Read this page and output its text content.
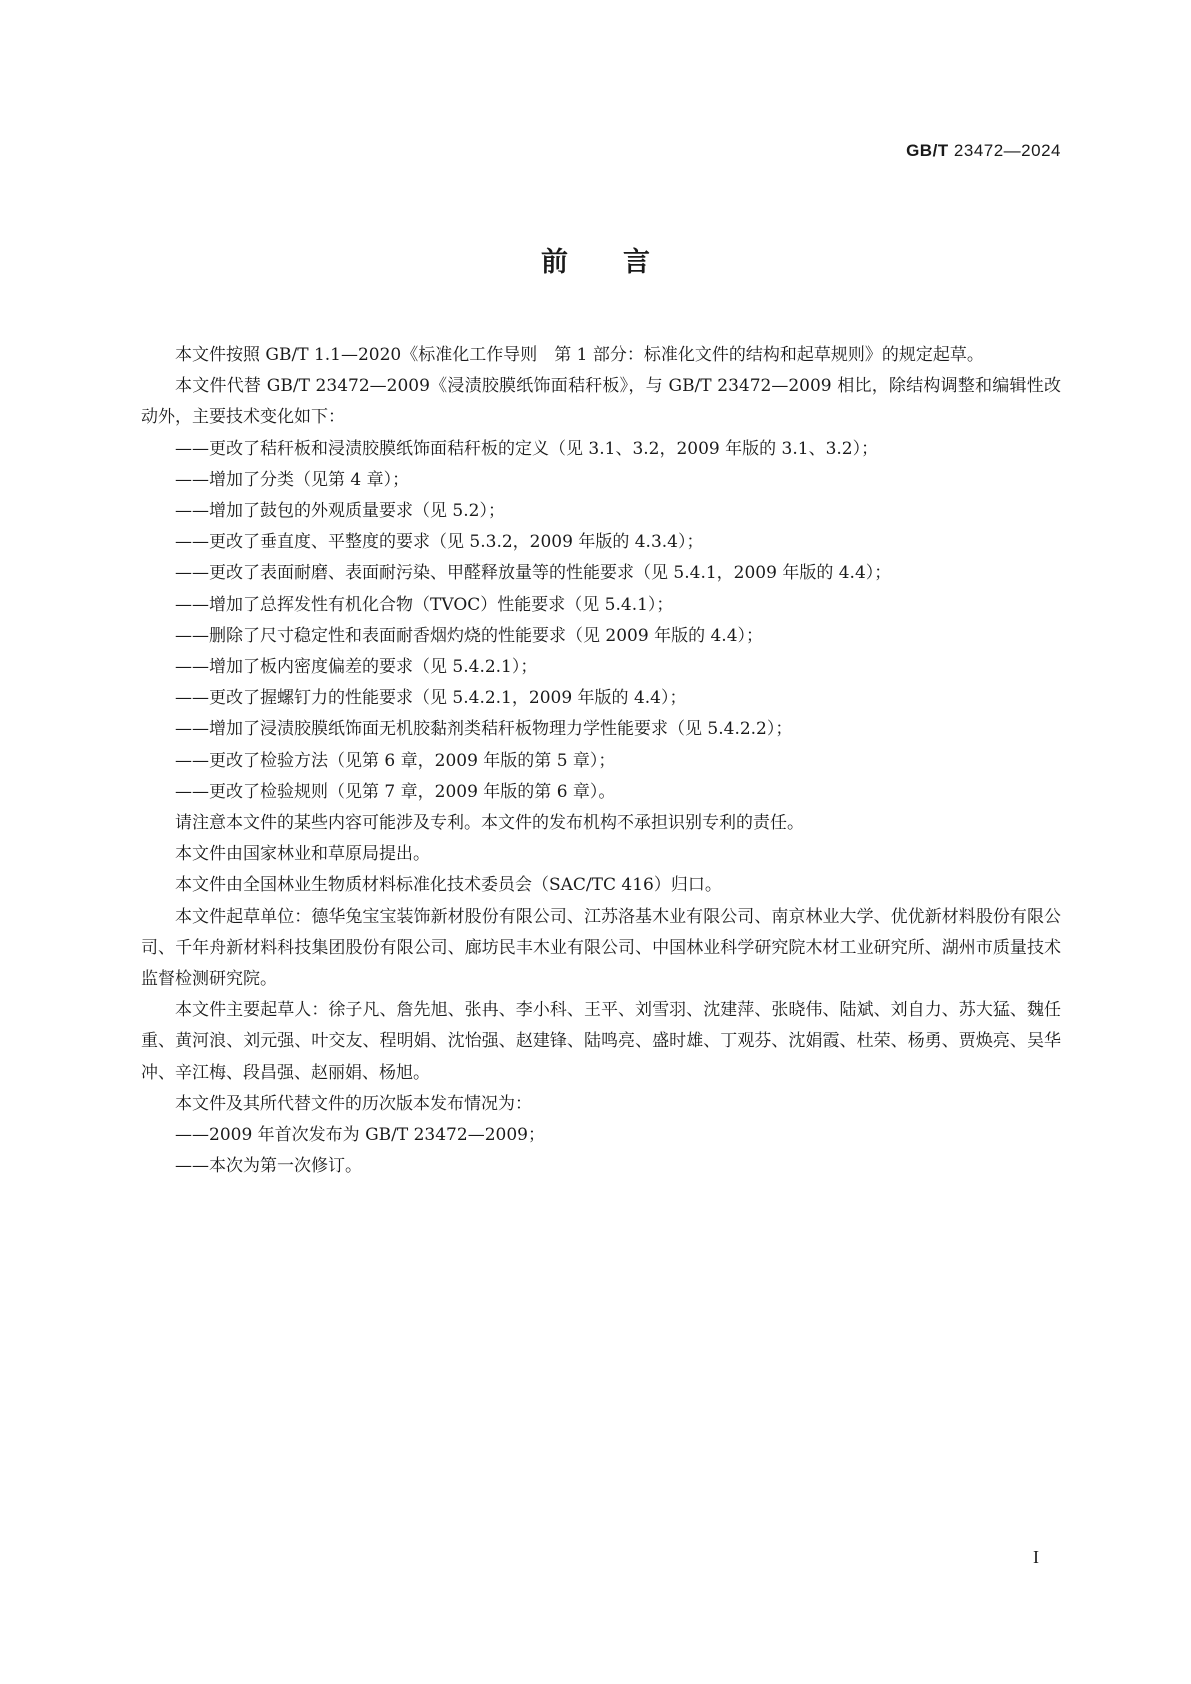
GB/T 23472—2024
前言

本文件按照 GB/T 1.1—2020《标准化工作导则　第 1 部分：标准化文件的结构和起草规则》的规定起草。

本文件代替 GB/T 23472—2009《浸渍胶膜纸饰面秸秆板》，与 GB/T 23472—2009 相比，除结构调整和编辑性改动外，主要技术变化如下：

——更改了秸秆板和浸渍胶膜纸饰面秸秆板的定义（见 3.1、3.2，2009 年版的 3.1、3.2）；

——增加了分类（见第 4 章）；

——增加了鼓包的外观质量要求（见 5.2）；

——更改了垂直度、平整度的要求（见 5.3.2，2009 年版的 4.3.4）；

——更改了表面耐磨、表面耐污染、甲醛释放量等的性能要求（见 5.4.1，2009 年版的 4.4）；

——增加了总挥发性有机化合物（TVOC）性能要求（见 5.4.1）；

——删除了尺寸稳定性和表面耐香烟灼烧的性能要求（见 2009 年版的 4.4）；

——增加了板内密度偏差的要求（见 5.4.2.1）；

——更改了握螺钉力的性能要求（见 5.4.2.1，2009 年版的 4.4）；

——增加了浸渍胶膜纸饰面无机胶黏剂类秸秆板物理力学性能要求（见 5.4.2.2）；

——更改了检验方法（见第 6 章，2009 年版的第 5 章）；

——更改了检验规则（见第 7 章，2009 年版的第 6 章）。

请注意本文件的某些内容可能涉及专利。本文件的发布机构不承担识别专利的责任。

本文件由国家林业和草原局提出。

本文件由全国林业生物质材料标准化技术委员会（SAC/TC 416）归口。

本文件起草单位：德华兔宝宝装饰新材股份有限公司、江苏洛基木业有限公司、南京林业大学、优优新材料股份有限公司、千年舟新材料科技集团股份有限公司、廊坊民丰木业有限公司、中国林业科学研究院木材工业研究所、湖州市质量技术监督检测研究院。

本文件主要起草人：徐子凡、詹先旭、张冉、李小科、王平、刘雪羽、沈建萍、张晓伟、陆斌、刘自力、苏大猛、魏任重、黄河浪、刘元强、叶交友、程明娟、沈怡强、赵建锋、陆鸣亮、盛时雄、丁观芬、沈娟霞、杜荣、杨勇、贾焕亮、吴华冲、辛江梅、段昌强、赵丽娟、杨旭。

本文件及其所代替文件的历次版本发布情况为：

——2009 年首次发布为 GB/T 23472—2009；

——本次为第一次修订。

I
